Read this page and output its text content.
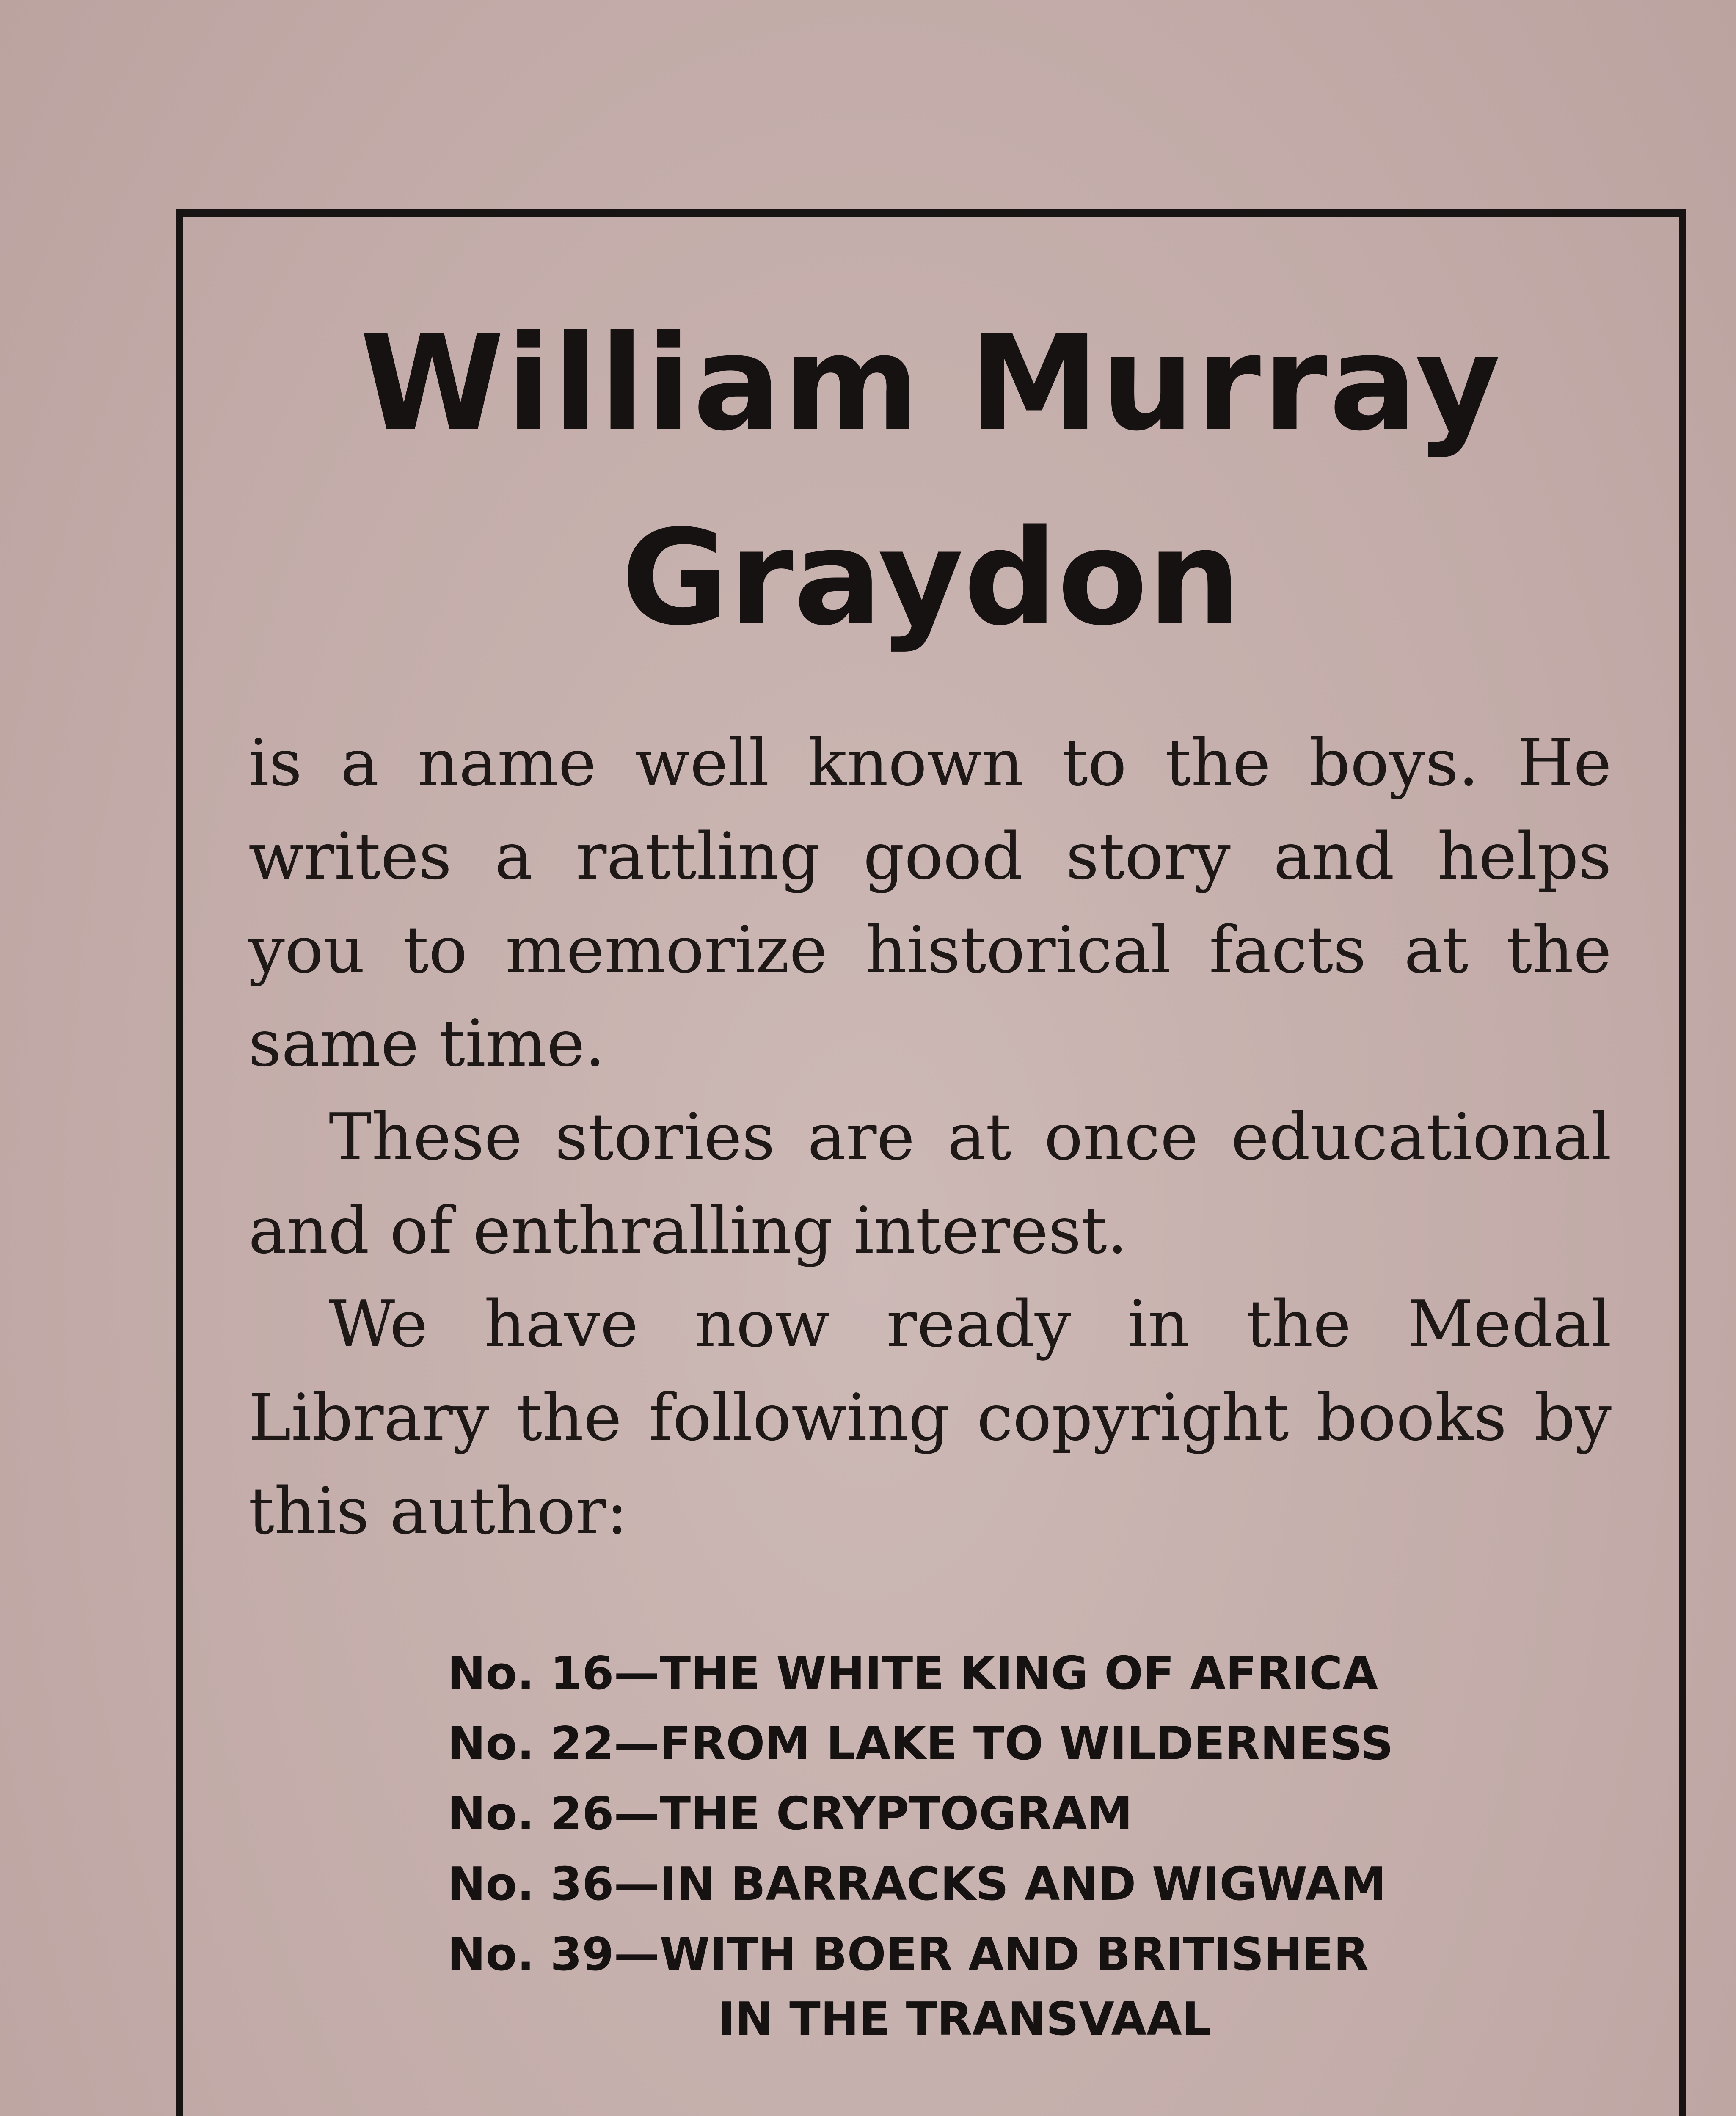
William Murray
Graydon

is a name well known to the boys. He writes a rattling good story and helps you to memorize historical facts at the same time.

These stories are at once educational and of enthralling interest.

We have now ready in the Medal Library the following copyright books by this author:

No. 16—THE WHITE KING OF AFRICA
No. 22—FROM LAKE TO WILDERNESS
No. 26—THE CRYPTOGRAM
No. 36—IN BARRACKS AND WIGWAM
No. 39—WITH BOER AND BRITISHER
IN THE TRANSVAAL
